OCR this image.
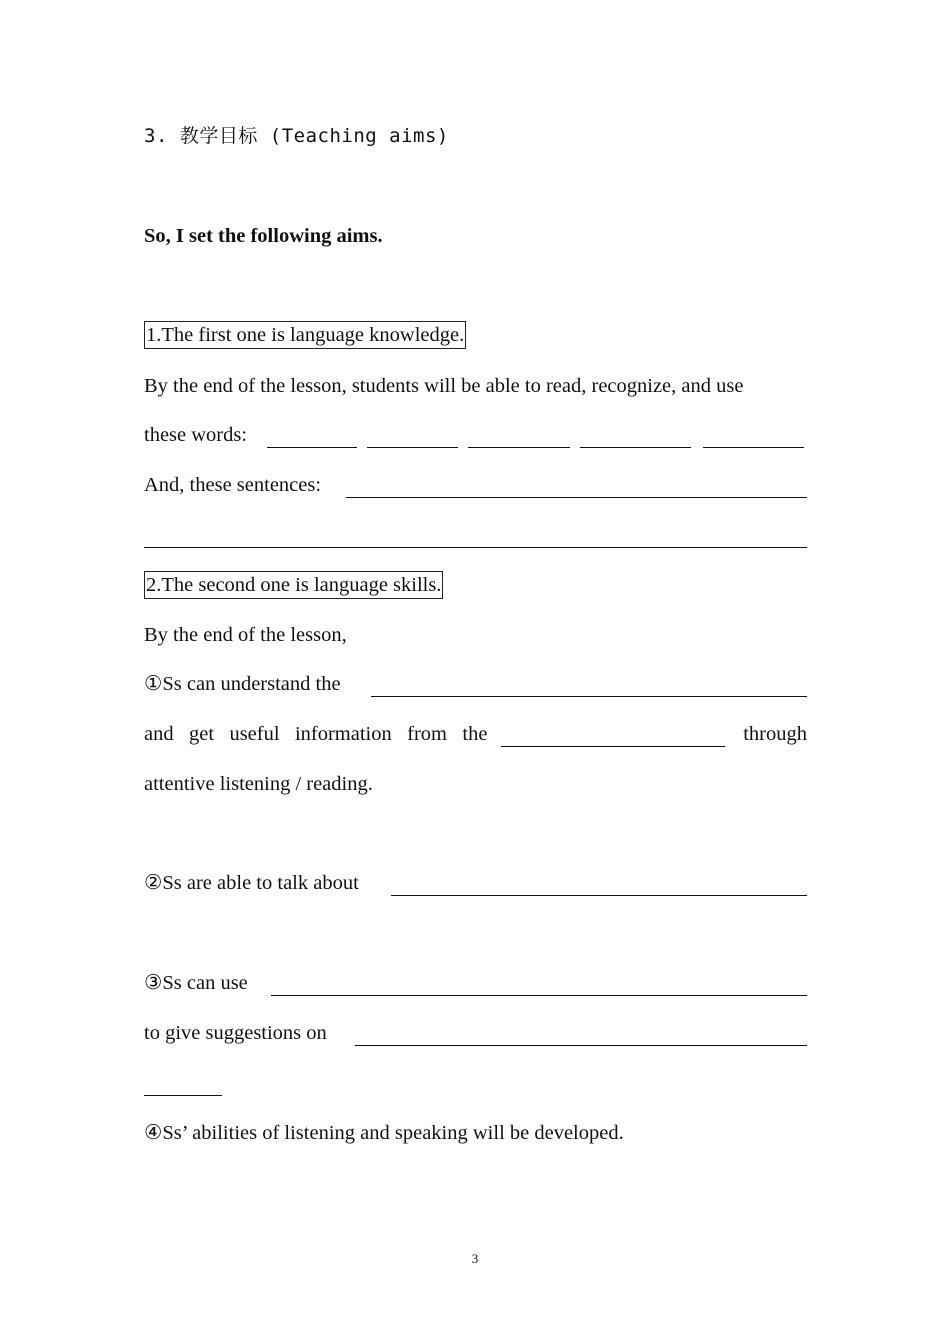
3. 教学目标 (Teaching aims)
So, I set the following aims.
1.The first one is language knowledge.
By the end of the lesson, students will be able to read, recognize, and use
these words:
And, these sentences:
2.The second one is language skills.
By the end of the lesson,
①Ss can understand the
and get useful information from the	through
attentive listening / reading.
②Ss are able to talk about
③Ss can use
to give suggestions on
④Ss’ abilities of listening and speaking will be developed.
3
